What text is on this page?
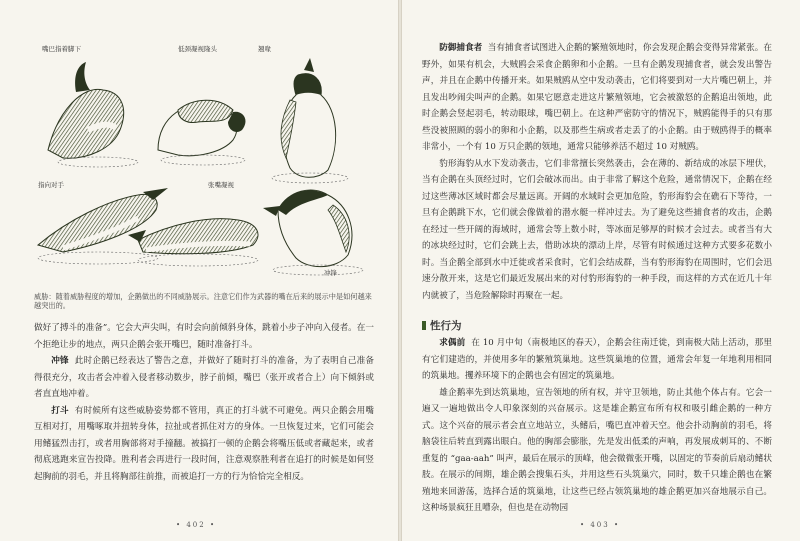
嘴巴指着脚下	低颈凝视隆头	翘喙
指向对手	张嘴凝视
冲锋
威胁：随着威胁程度的增加，企鹅做出的不同威胁展示。注意它们作为武器的嘴在后来的展示中是如何越来越突出的。

做好了搏斗的准备”。它会大声尖叫，有时会向前倾斜身体，跳着小步子冲向入侵者。在一个拒绝让步的地点，两只企鹅会张开嘴巴，随时准备打斗。

冲锋 此时企鹅已经表达了警告之意，并做好了随时打斗的准备，为了表明自己准备得很充分，攻击者会冲着入侵者移动数步，脖子前倾，嘴巴（张开或者合上）向下倾斜或者直直地冲着。

打斗 有时候所有这些威胁姿势都不管用，真正的打斗就不可避免。两只企鹅会用嘴互相对打，用嘴啄取并扭转身体，拉扯或者抓住对方的身体。一旦恢复过来，它们可能会用鳍猛烈击打，或者用胸部将对手撞翻。被搞打一顿的企鹅会将嘴压低或者藏起来，或者彻底逃跑来宣告投降。胜利者会再进行一段时间，注意观察胜利者在追打的时候是如何竖起胸前的羽毛，并且将胸部往前推，而被追打一方的行为恰恰完全相反。

• 402 •

防御捕食者 当有捕食者试图进入企鹅的繁殖领地时，你会发现企鹅会变得异常紧张。在野外，如果有机会，大贼鸥会采食企鹅卵和小企鹅。一旦有企鹅发现捕食者，就会发出警告声，并且在企鹅中传播开来。如果贼鸥从空中发动袭击，它们将要到对一大片嘴巴朝上，并且发出吵闹尖叫声的企鹅。如果它愿意走进这片繁殖领地，它会被激怒的企鹅追出领地，此时企鹅会竖起羽毛，转动眼球，嘴巴朝上。在这种严密防守的情况下，贼鸥能得手的只有那些没被照顾的弱小的卵和小企鹅，以及那些生病或者走丢了的小企鹅。由于贼鸥得手的概率非常小，一个有 10 万只企鹅的领地，通常只能够养活不超过 10 对贼鸥。

豹形海豹从水下发动袭击，它们非常擅长突然袭击，会在薄的、新结成的冰层下埋伏，当有企鹅在头顶经过时，它们会破冰而出。由于非常了解这个危险，通常情况下，企鹅在经过这些薄冰区域时都会尽量远离。开阔的水域时会更加危险，豹形海豹会在礁石下等待，一旦有企鹅跳下水，它们就会像做着的潜水艇一样冲过去。为了避免这些捕食者的攻击，企鹅在经过一些开阔的海域时，通常会等上数小时，等冰面足够厚的时候才会过去。或者当有大的冰块经过时，它们会跳上去，借助冰块的漂动上岸，尽管有时候通过这种方式要多花数小时。当企鹅全部到水中迁徙或者采食时，它们会结成群，当有豹形海豹在周围时，它们会迅速分散开来，这是它们最近发展出来的对付豹形海豹的一种手段，而这样的方式在近几十年内就被了，当危险解除时再聚在一起。

性行为

求偶前 在 10 月中旬（南极地区的春天），企鹅会往南迁徙，到南极大陆上活动，那里有它们建造的，并使用多年的繁殖筑巢地。这些筑巢地的位置，通常会年复一年地利用相同的筑巢地。攫养环境下的企鹅也会有固定的筑巢地。

雄企鹅率先到达筑巢地，宣告领地的所有权，并守卫领地，防止其他个体占有。它会一遍又一遍地做出令人印象深刻的兴奋展示。这是雄企鹅宣布所有权和吸引雌企鹅的一种方式。这个兴奋的展示者会直立地站立，头鳍后，嘴巴直冲着天空。他会扑动胸前的羽毛，将脑袋往后转直到露出眼白。他的胸部会膨胀，先是发出低柔的声响，再发展成刺耳的、不断重复的 “gaa-aah” 叫声，最后在展示的顶峰，他会微微张开嘴，以固定的节奏前后扇动鳍状肢。在展示的间期，雄企鹅会搜集石头，并用这些石头筑巢穴，同时，数千只雄企鹅也在繁殖地来回游荡，选择合适的筑巢地，让这些已经占领筑巢地的雄企鹅更加兴奋地展示自己。这种场景疯狂且嘈杂，但也是在动物园

• 403 •
